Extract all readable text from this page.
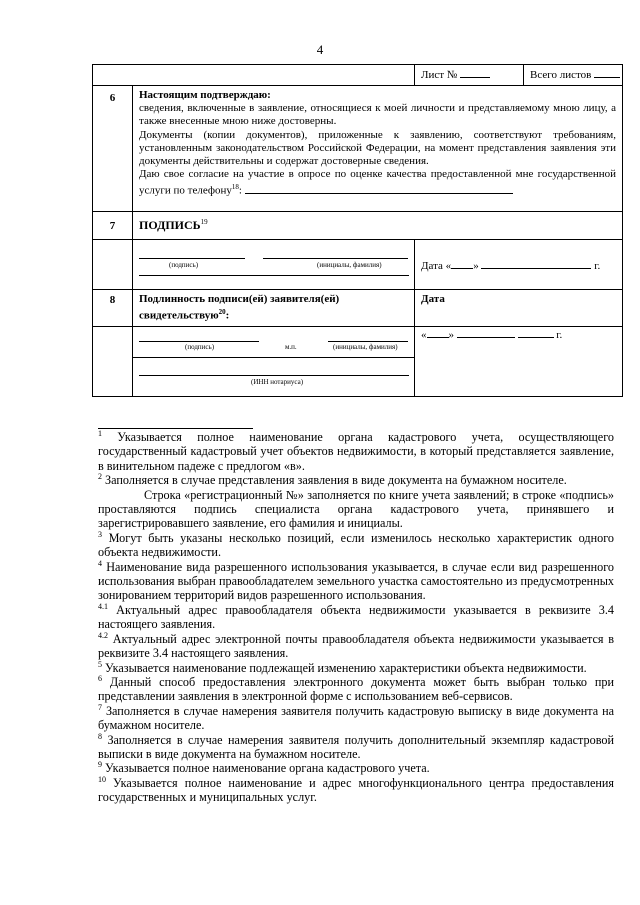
4

		Лист № Всего листов

6	Настоящим подтверждаю:
сведения, включенные в заявление, относящиеся к моей личности и представляемому мною лицу, а также внесенные мною ниже достоверны.
Документы (копии документов), приложенные к заявлению, соответствуют требованиям, установленным законодательством Российской Федерации, на момент представления заявления эти документы действительны и содержат достоверные сведения.
Даю свое согласие на участие в опросе по оценке качества предоставленной мне государственной услуги по телефону$^{18}$:	

7	ПОДПИСЬ$^{19}$

	(подпись) (инициалы, фамилия)	Дата « » г.
8	Подлинность подписи(ей) заявителя(ей) свидетельствую$^{20}$:	Дата

	(подпись) м.п. (инициалы, фамилия)
(ИНН нотариуса)	« » г.

$^1$ Указывается полное наименование органа кадастрового учета, осуществляющего государственный кадастровый учет объектов недвижимости, в который представляется заявление, в винительном падеже с предлогом «в».

$^2$ Заполняется в случае представления заявления в виде документа на бумажном носителе.

Строка «регистрационный №» заполняется по книге учета заявлений; в строке «подпись» проставляются подпись специалиста органа кадастрового учета, принявшего и зарегистрировавшего заявление, его фамилия и инициалы.

$^3$ Могут быть указаны несколько позиций, если изменилось несколько характеристик одного объекта недвижимости.

$^4$ Наименование вида разрешенного использования указывается, в случае если вид разрешенного использования выбран правообладателем земельного участка самостоятельно из предусмотренных зонированием территорий видов разрешенного использования.

$^{4.1}$ Актуальный адрес правообладателя объекта недвижимости указывается в реквизите 3.4 настоящего заявления.

$^{4.2}$ Актуальный адрес электронной почты правообладателя объекта недвижимости указывается в реквизите 3.4 настоящего заявления.

$^5$ Указывается наименование подлежащей изменению характеристики объекта недвижимости.

$^6$ Данный способ предоставления электронного документа может быть выбран только при представлении заявления в электронной форме с использованием веб-сервисов.

$^7$ Заполняется в случае намерения заявителя получить кадастровую выписку в виде документа на бумажном носителе.

$^8$ Заполняется в случае намерения заявителя получить дополнительный экземпляр кадастровой выписки в виде документа на бумажном носителе.

$^9$ Указывается полное наименование органа кадастрового учета.

$^{10}$ Указывается полное наименование и адрес многофункционального центра предоставления государственных и муниципальных услуг.
